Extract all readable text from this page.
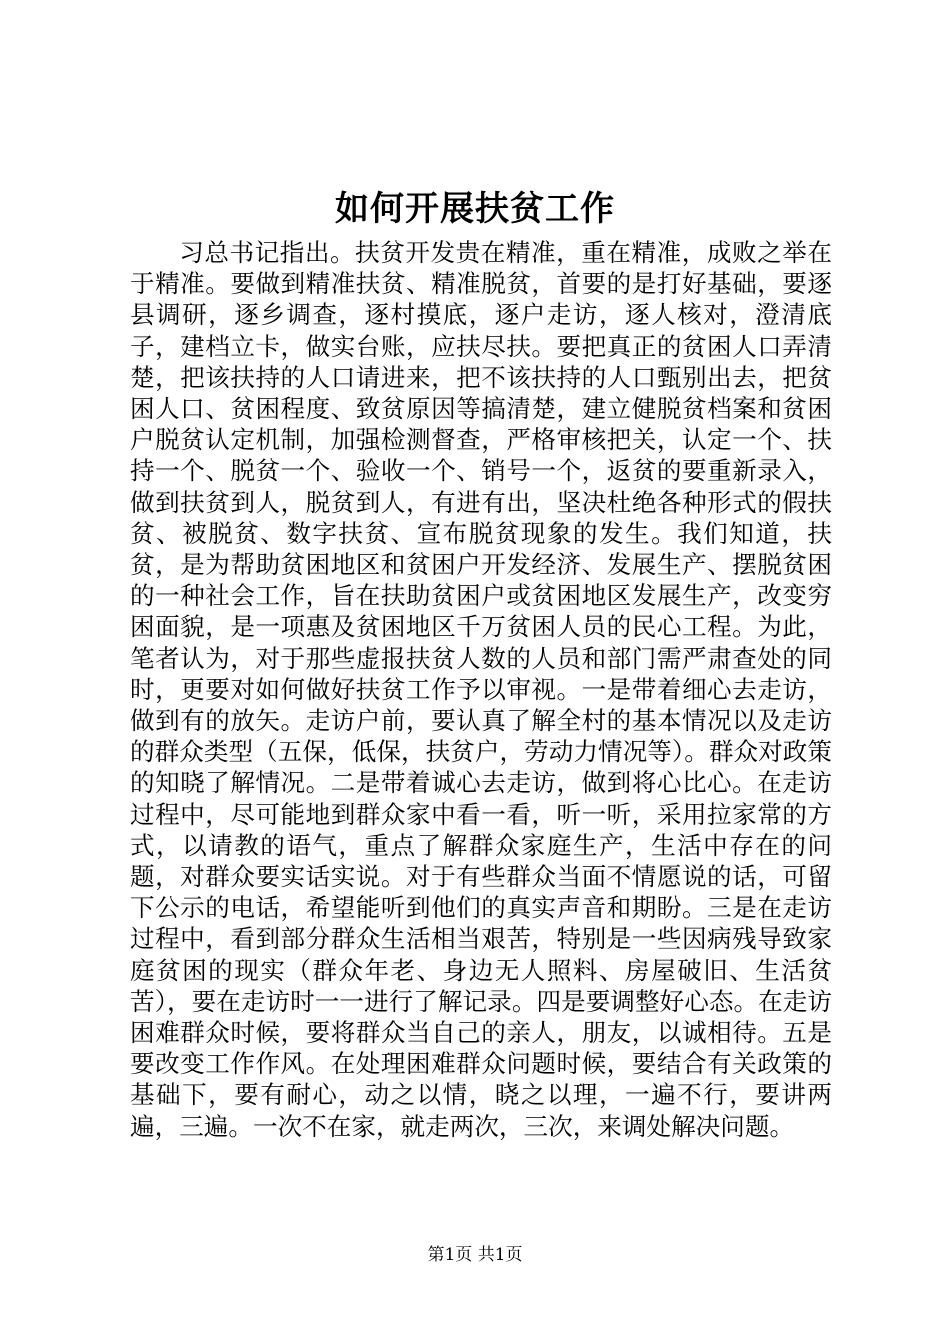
如何开展扶贫工作

习总书记指出。扶贫开发贵在精准，重在精准，成败之举在于精准。要做到精准扶贫、精准脱贫，首要的是打好基础，要逐县调研，逐乡调查，逐村摸底，逐户走访，逐人核对，澄清底子，建档立卡，做实台账，应扶尽扶。要把真正的贫困人口弄清楚，把该扶持的人口请进来，把不该扶持的人口甄别出去，把贫困人口、贫困程度、致贫原因等搞清楚，建立健脱贫档案和贫困户脱贫认定机制，加强检测督查，严格审核把关，认定一个、扶持一个、脱贫一个、验收一个、销号一个，返贫的要重新录入，做到扶贫到人，脱贫到人，有进有出，坚决杜绝各种形式的假扶贫、被脱贫、数字扶贫、宣布脱贫现象的发生。我们知道，扶贫，是为帮助贫困地区和贫困户开发经济、发展生产、摆脱贫困的一种社会工作，旨在扶助贫困户或贫困地区发展生产，改变穷困面貌，是一项惠及贫困地区千万贫困人员的民心工程。为此，笔者认为，对于那些虚报扶贫人数的人员和部门需严肃查处的同时，更要对如何做好扶贫工作予以审视。一是带着细心去走访，做到有的放矢。走访户前，要认真了解全村的基本情况以及走访的群众类型（五保，低保，扶贫户，劳动力情况等）。群众对政策的知晓了解情况。二是带着诚心去走访，做到将心比心。在走访过程中，尽可能地到群众家中看一看，听一听，采用拉家常的方式，以请教的语气，重点了解群众家庭生产，生活中存在的问题，对群众要实话实说。对于有些群众当面不情愿说的话，可留下公示的电话，希望能听到他们的真实声音和期盼。三是在走访过程中，看到部分群众生活相当艰苦，特别是一些因病残导致家庭贫困的现实（群众年老、身边无人照料、房屋破旧、生活贫苦），要在走访时一一进行了解记录。四是要调整好心态。在走访困难群众时候，要将群众当自己的亲人，朋友，以诚相待。五是要改变工作作风。在处理困难群众问题时候，要结合有关政策的基础下，要有耐心，动之以情，晓之以理，一遍不行，要讲两遍，三遍。一次不在家，就走两次，三次，来调处解决问题。

第1页 共1页
